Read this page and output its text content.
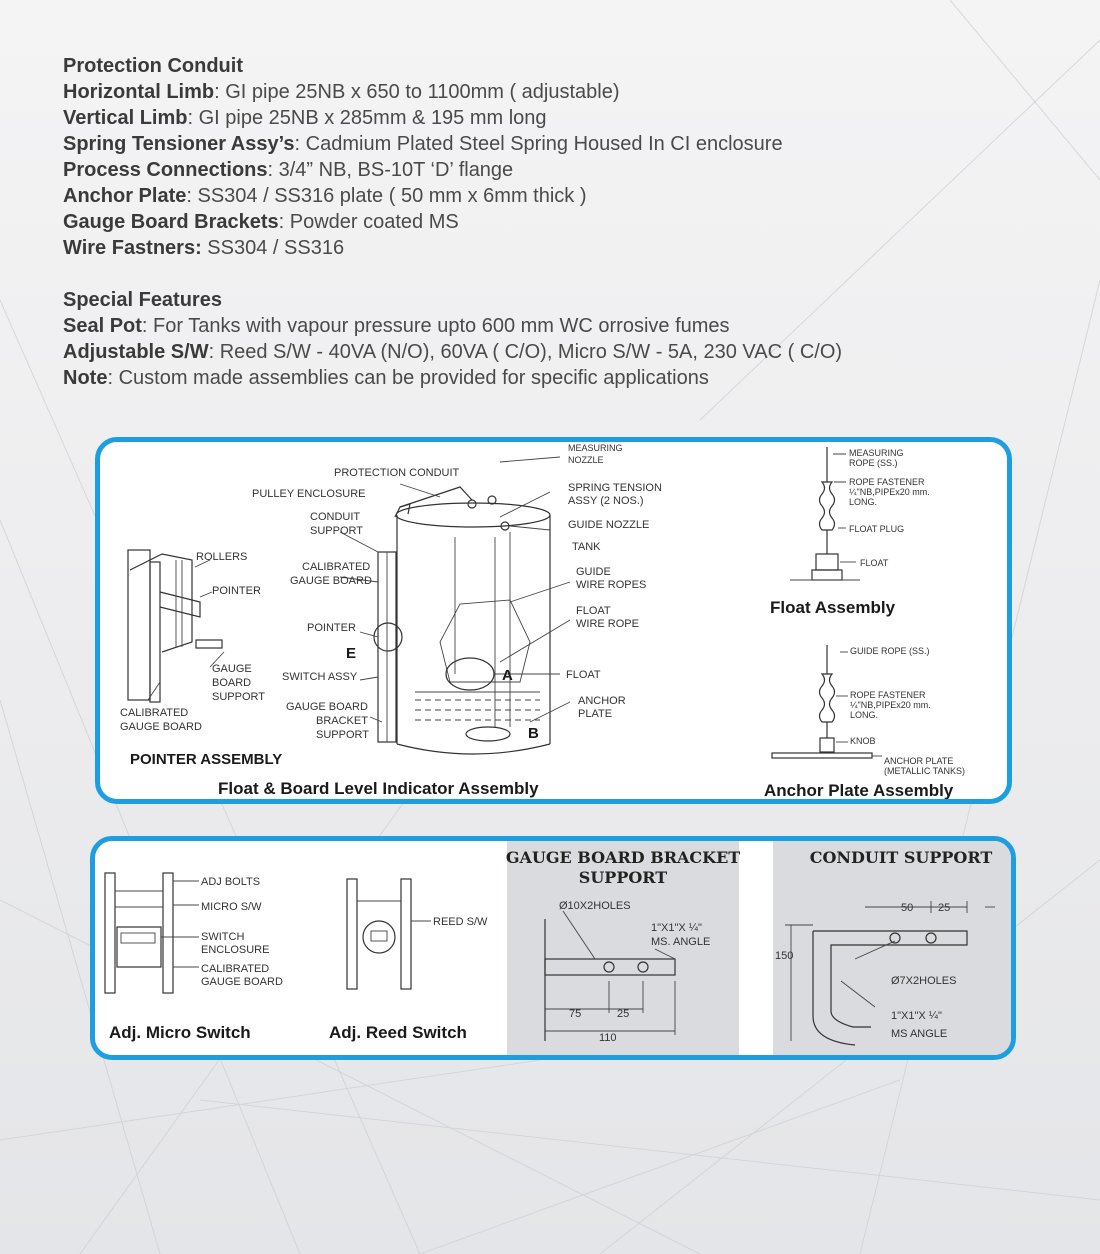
Protection Conduit
Horizontal Limb: GI pipe 25NB x 650 to 1100mm ( adjustable)
Vertical Limb: GI pipe 25NB x 285mm & 195 mm long
Spring Tensioner Assy’s: Cadmium Plated Steel Spring Housed In CI enclosure
Process Connections: 3/4” NB, BS-10T ‘D’ flange
Anchor Plate: SS304 / SS316 plate ( 50 mm x 6mm thick )
Gauge Board Brackets: Powder coated MS
Wire Fastners: SS304 / SS316
Special Features
Seal Pot: For Tanks with vapour pressure upto 600 mm WC orrosive fumes
Adjustable S/W: Reed S/W - 40VA (N/O), 60VA ( C/O), Micro S/W - 5A, 230 VAC ( C/O)
Note: Custom made assemblies can be provided for specific applications
MEASURING
NOZZLE
PROTECTION CONDUIT
PULLEY ENCLOSURE	SPRING TENSION
ASSY (2 NOS.)
CONDUIT
SUPPORT	GUIDE NOZZLE
TANK
ROLLERS
CALIBRATED
GAUGE BOARD
GUIDE
WIRE ROPES
POINTER
FLOAT
WIRE ROPE
POINTER
E
GAUGE
BOARD
SUPPORT
SWITCH ASSY	A	FLOAT
ANCHOR
PLATE
GAUGE BOARD
BRACKET
SUPPORT	B
CALIBRATED
GAUGE BOARD
POINTER ASSEMBLY
Float & Board Level Indicator Assembly
MEASURING
ROPE (SS.)
ROPE FASTENER
¼"NB,PIPEx20 mm.
LONG.
FLOAT PLUG
FLOAT
Float Assembly
GUIDE ROPE (SS.)
ROPE FASTENER
¼"NB,PIPEx20 mm.
LONG.
KNOB
ANCHOR PLATE
(METALLIC TANKS)
Anchor Plate Assembly
ADJ BOLTS
MICRO S/W
SWITCH
ENCLOSURE
CALIBRATED
GAUGE BOARD
Adj. Micro Switch
REED S/W
Adj. Reed Switch
GAUGE BOARD BRACKET
SUPPORT
Ø10X2HOLES
1"X1"X ¼"
MS. ANGLE
75	25
110
CONDUIT SUPPORT
50 25
150
Ø7X2HOLES
1"X1"X ¼"
MS ANGLE
